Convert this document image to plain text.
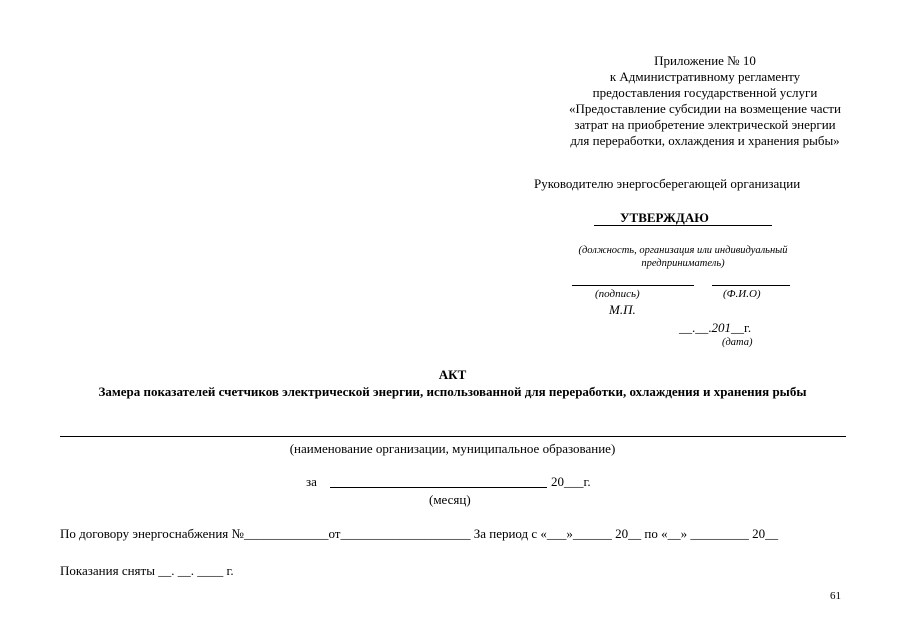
Приложение № 10
к Административному регламенту
предоставления государственной услуги
«Предоставление субсидии на возмещение части
затрат на приобретение электрической энергии
для переработки, охлаждения и хранения рыбы»
Руководителю энергосберегающей организации
УТВЕРЖДАЮ
(должность, организация или индивидуальный предприниматель)
(подпись)	(Ф.И.О)
М.П.
__.__.201__г.
(дата)
АКТ
Замера показателей счетчиков электрической энергии, использованной для переработки, охлаждения и хранения рыбы
(наименование организации, муниципальное образование)
за	20___г.
(месяц)
По договору энергоснабжения №_____________от____________________ За период с «___»______ 20__ по «__» _________ 20__
Показания сняты __. __. ____ г.
61
